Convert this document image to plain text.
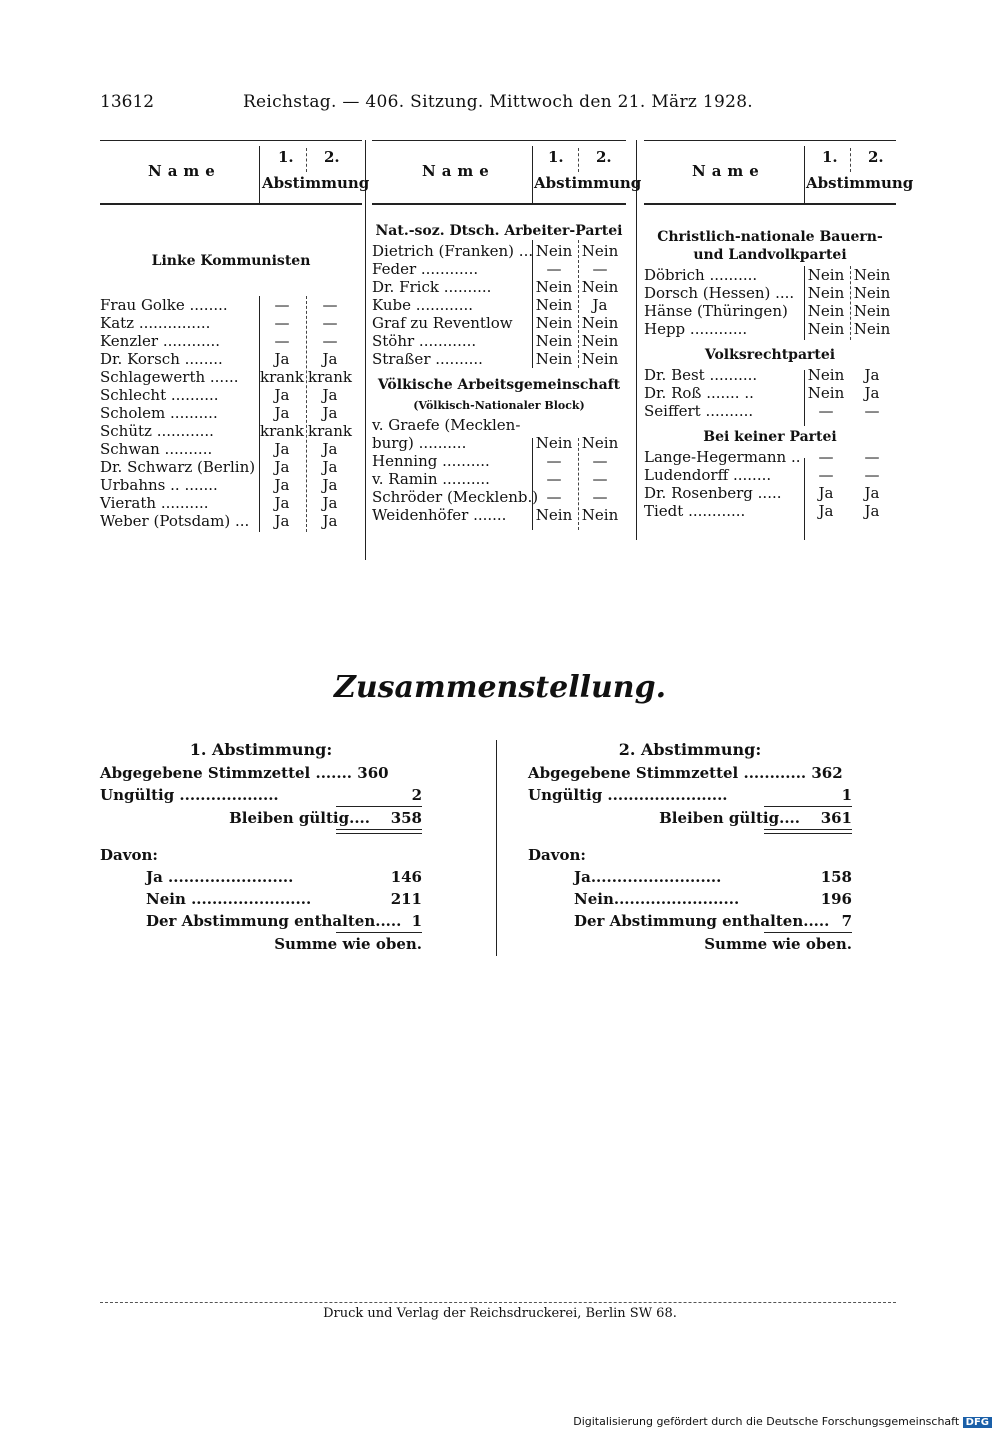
13612	Reichstag. — 406. Sitzung. Mittwoch den 21. März 1928.
Name
1. 2.
Abstimmung
Name
1. 2.
Abstimmung
Name
1. 2.
Abstimmung
Linke Kommunisten
Frau Golke ........	—	—
Katz ...............	—	—
Kenzler ............	—	—
Dr. Korsch ........	Ja	Ja
Schlagewerth ...... krank krank
Schlecht ..........	Ja	Ja
Scholem ..........	Ja	Ja
Schütz ............	krank krank
Schwan ..........	Ja	Ja
Dr. Schwarz (Berlin)	Ja	Ja
Urbahns .. .......	Ja	Ja
Vierath ..........	Ja	Ja
Weber (Potsdam) ...	Ja	Ja
Nat.-soz. Dtsch. Arbeiter-Partei
Dietrich (Franken) ... Nein Nein
Feder ............	—	—
Dr. Frick ..........	Nein Nein
Kube ............	Nein	Ja
Graf zu Reventlow Nein Nein
Stöhr ............	Nein Nein
Straßer ..........	Nein Nein
Völkische Arbeitsgemeinschaft
(Völkisch-Nationaler Block)
v. Graefe (Mecklen-
burg) ..........	Nein Nein
Henning ..........	—	—
v. Ramin ..........	—	—
Schröder (Mecklenb.) —	—
Weidenhöfer ....... Nein Nein
Christlich-nationale Bauern- und Landvolkpartei
Döbrich ..........	Nein Nein
Dorsch (Hessen) .... Nein Nein
Hänse (Thüringen) Nein Nein
Hepp ............	Nein Nein
Volksrechtpartei
Dr. Best ..........	Nein	Ja
Dr. Roß ....... ..	Nein	Ja
Seiffert ..........	—	—
Bei keiner Partei
Lange-Hegermann ..	—	—
Ludendorff ........	—	—
Dr. Rosenberg .....	Ja	Ja
Tiedt ............	Ja	Ja
Zusammenstellung.
1. Abstimmung:
Abgegebene Stimmzettel ....... 360
Ungültig ...................	2
Bleiben gültig.... 358
Davon:
Ja ........................	146
Nein .......................	211
Der Abstimmung enthalten..... 1
Summe wie oben.
2. Abstimmung:
Abgegebene Stimmzettel ............ 362
Ungültig .......................	1
Bleiben gültig.... 361
Davon:
Ja.........................	158
Nein........................	196
Der Abstimmung enthalten..... 7
Summe wie oben.
Druck und Verlag der Reichsdruckerei, Berlin SW 68.
Digitalisierung gefördert durch die Deutsche Forschungsgemeinschaft DFG
